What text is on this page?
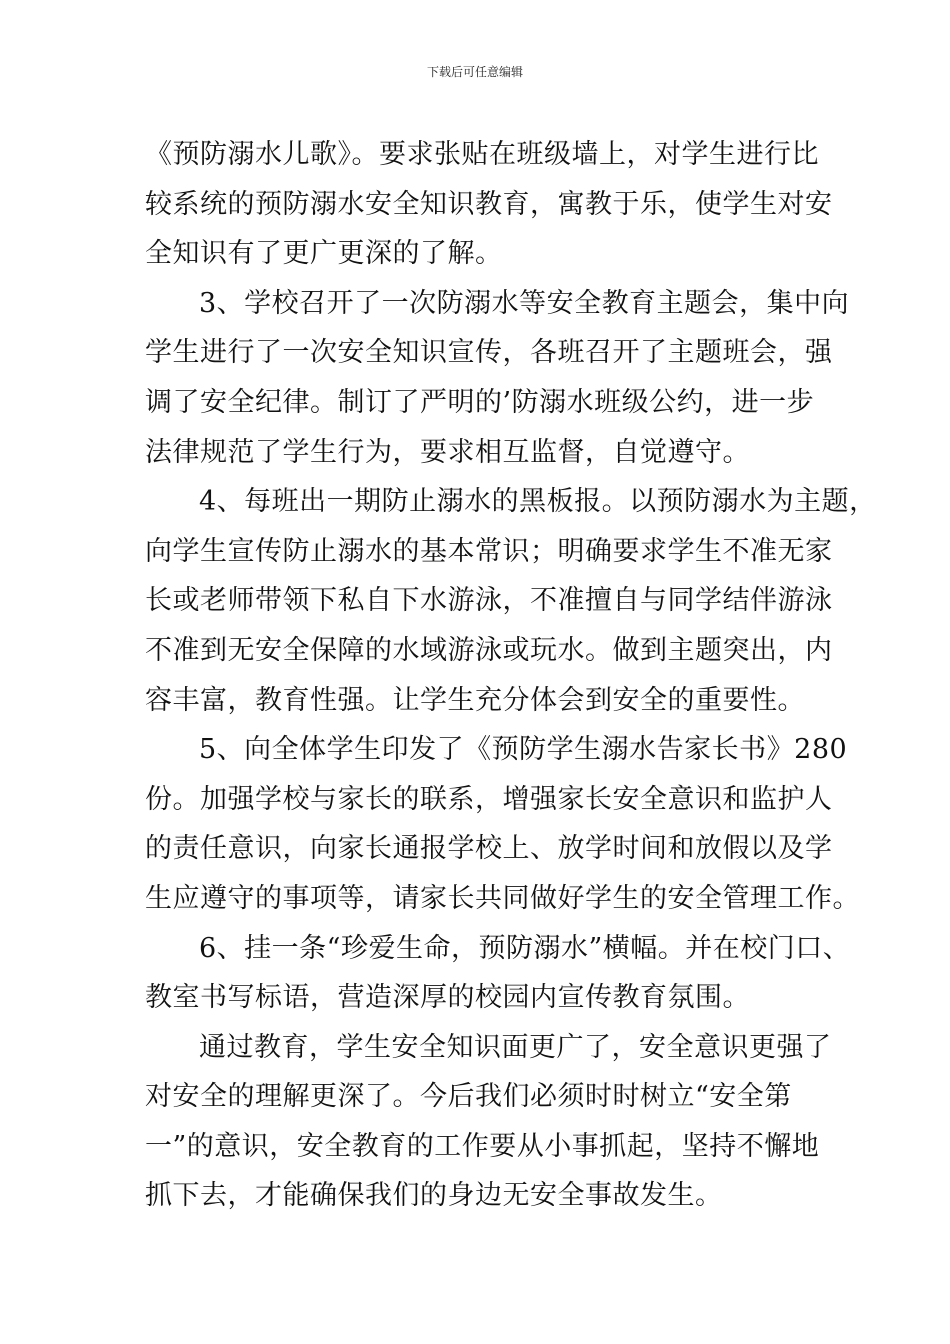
下载后可任意编辑
《预防溺水儿歌》。要求张贴在班级墙上，对学生进行比
较系统的预防溺水安全知识教育，寓教于乐，使学生对安
全知识有了更广更深的了解。
3、学校召开了一次防溺水等安全教育主题会，集中向
学生进行了一次安全知识宣传，各班召开了主题班会，强
调了安全纪律。制订了严明的’防溺水班级公约，进一步
法律规范了学生行为，要求相互监督，自觉遵守。
4、每班出一期防止溺水的黑板报。以预防溺水为主题，
向学生宣传防止溺水的基本常识；明确要求学生不准无家
长或老师带领下私自下水游泳，不准擅自与同学结伴游泳
不准到无安全保障的水域游泳或玩水。做到主题突出，内
容丰富，教育性强。让学生充分体会到安全的重要性。
5、向全体学生印发了《预防学生溺水告家长书》280
份。加强学校与家长的联系，增强家长安全意识和监护人
的责任意识，向家长通报学校上、放学时间和放假以及学
生应遵守的事项等，请家长共同做好学生的安全管理工作。
6、挂一条“珍爱生命，预防溺水”横幅。并在校门口、
教室书写标语，营造深厚的校园内宣传教育氛围。
通过教育，学生安全知识面更广了，安全意识更强了
对安全的理解更深了。今后我们必须时时树立“安全第
一”的意识，安全教育的工作要从小事抓起，坚持不懈地
抓下去，才能确保我们的身边无安全事故发生。
